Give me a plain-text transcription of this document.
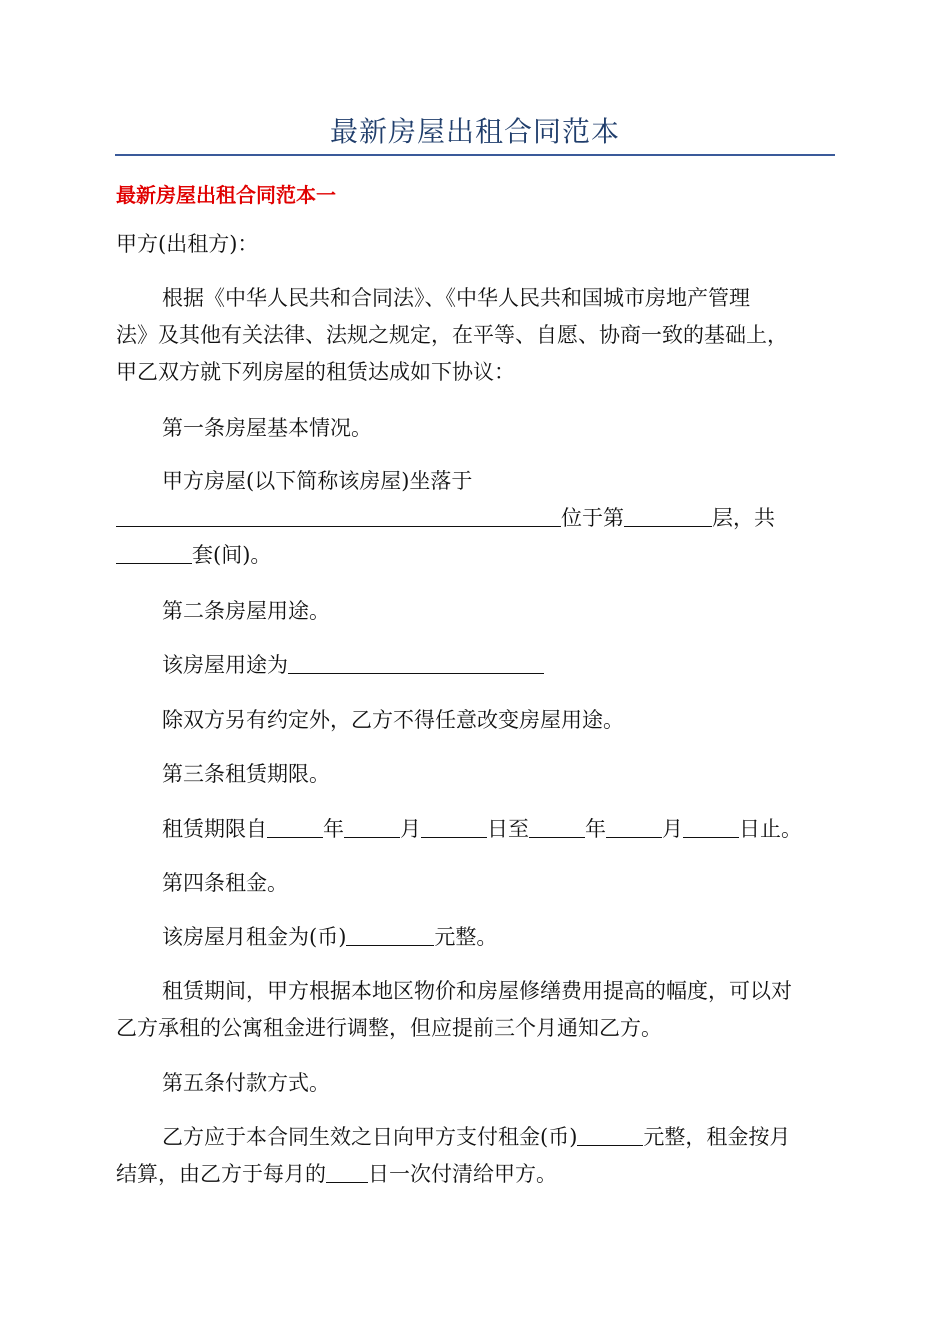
最新房屋出租合同范本
最新房屋出租合同范本一

甲方(出租方)：

根据《中华人民共和合同法》、《中华人民共和国城市房地产管理
法》及其他有关法律、法规之规定，在平等、自愿、协商一致的基础上，
甲乙双方就下列房屋的租赁达成如下协议：

第一条房屋基本情况。

甲方房屋(以下简称该房屋)坐落于
位于第	层，共
套(间)。

第二条房屋用途。

该房屋用途为

除双方另有约定外，乙方不得任意改变房屋用途。

第三条租赁期限。

租赁期限自	年	月	日至	年	月	日止。

第四条租金。

该房屋月租金为(币)	元整。

租赁期间，甲方根据本地区物价和房屋修缮费用提高的幅度，可以对
乙方承租的公寓租金进行调整，但应提前三个月通知乙方。

第五条付款方式。

乙方应于本合同生效之日向甲方支付租金(币)	元整，租金按月
结算，由乙方于每月的 日一次付清给甲方。
